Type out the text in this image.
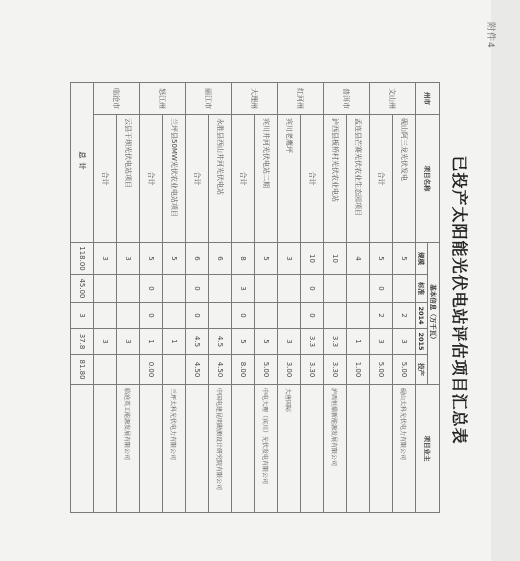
附件4
已投产太阳能光伏电站评估项目汇总表
州市	项目名称	基本信息（万千瓦）					项目业主
		规模	标准	2014	2015	投产	
文山州	砚山阿三龙光伏发电	5		2	3	5.00	砚山太科光伏电力有限公司
	合计	5	0	2	3	5.00	
普洱市	孟连县芒赛光伏农业生态园项目	4			1	1.00	
	泸西县板桥村光伏农业电站	10			3.3	3.30	泸西恒鼎新能源发展有限公司
红河州	合计	10	0	0	3.3	3.30	
	宾川老鹰坪	3			3	3.00	大唐国际
大理州	宾川井河光伏电站二期	5			5	5.00	中电大理（宾川）光伏发电有限公司
	合计	8	3	0	5	8.00	
丽江市	永胜县西山井河光伏电站	6			4.5	4.50	中国电建昆明勘测设计研究院有限公司
	合计	6	0	0	4.5	4.50	
怒江州	兰坪县50MW光伏农业电站项目	5			1		兰坪太科光伏电力有限公司
	合计	5	0	0	1	0.00	
临沧市	云县干坝光伏电站项目	3			3		临沧英工能源发展有限公司
	合计	3			3		
总计		118.00	45.00	3	37.8	81.80	
